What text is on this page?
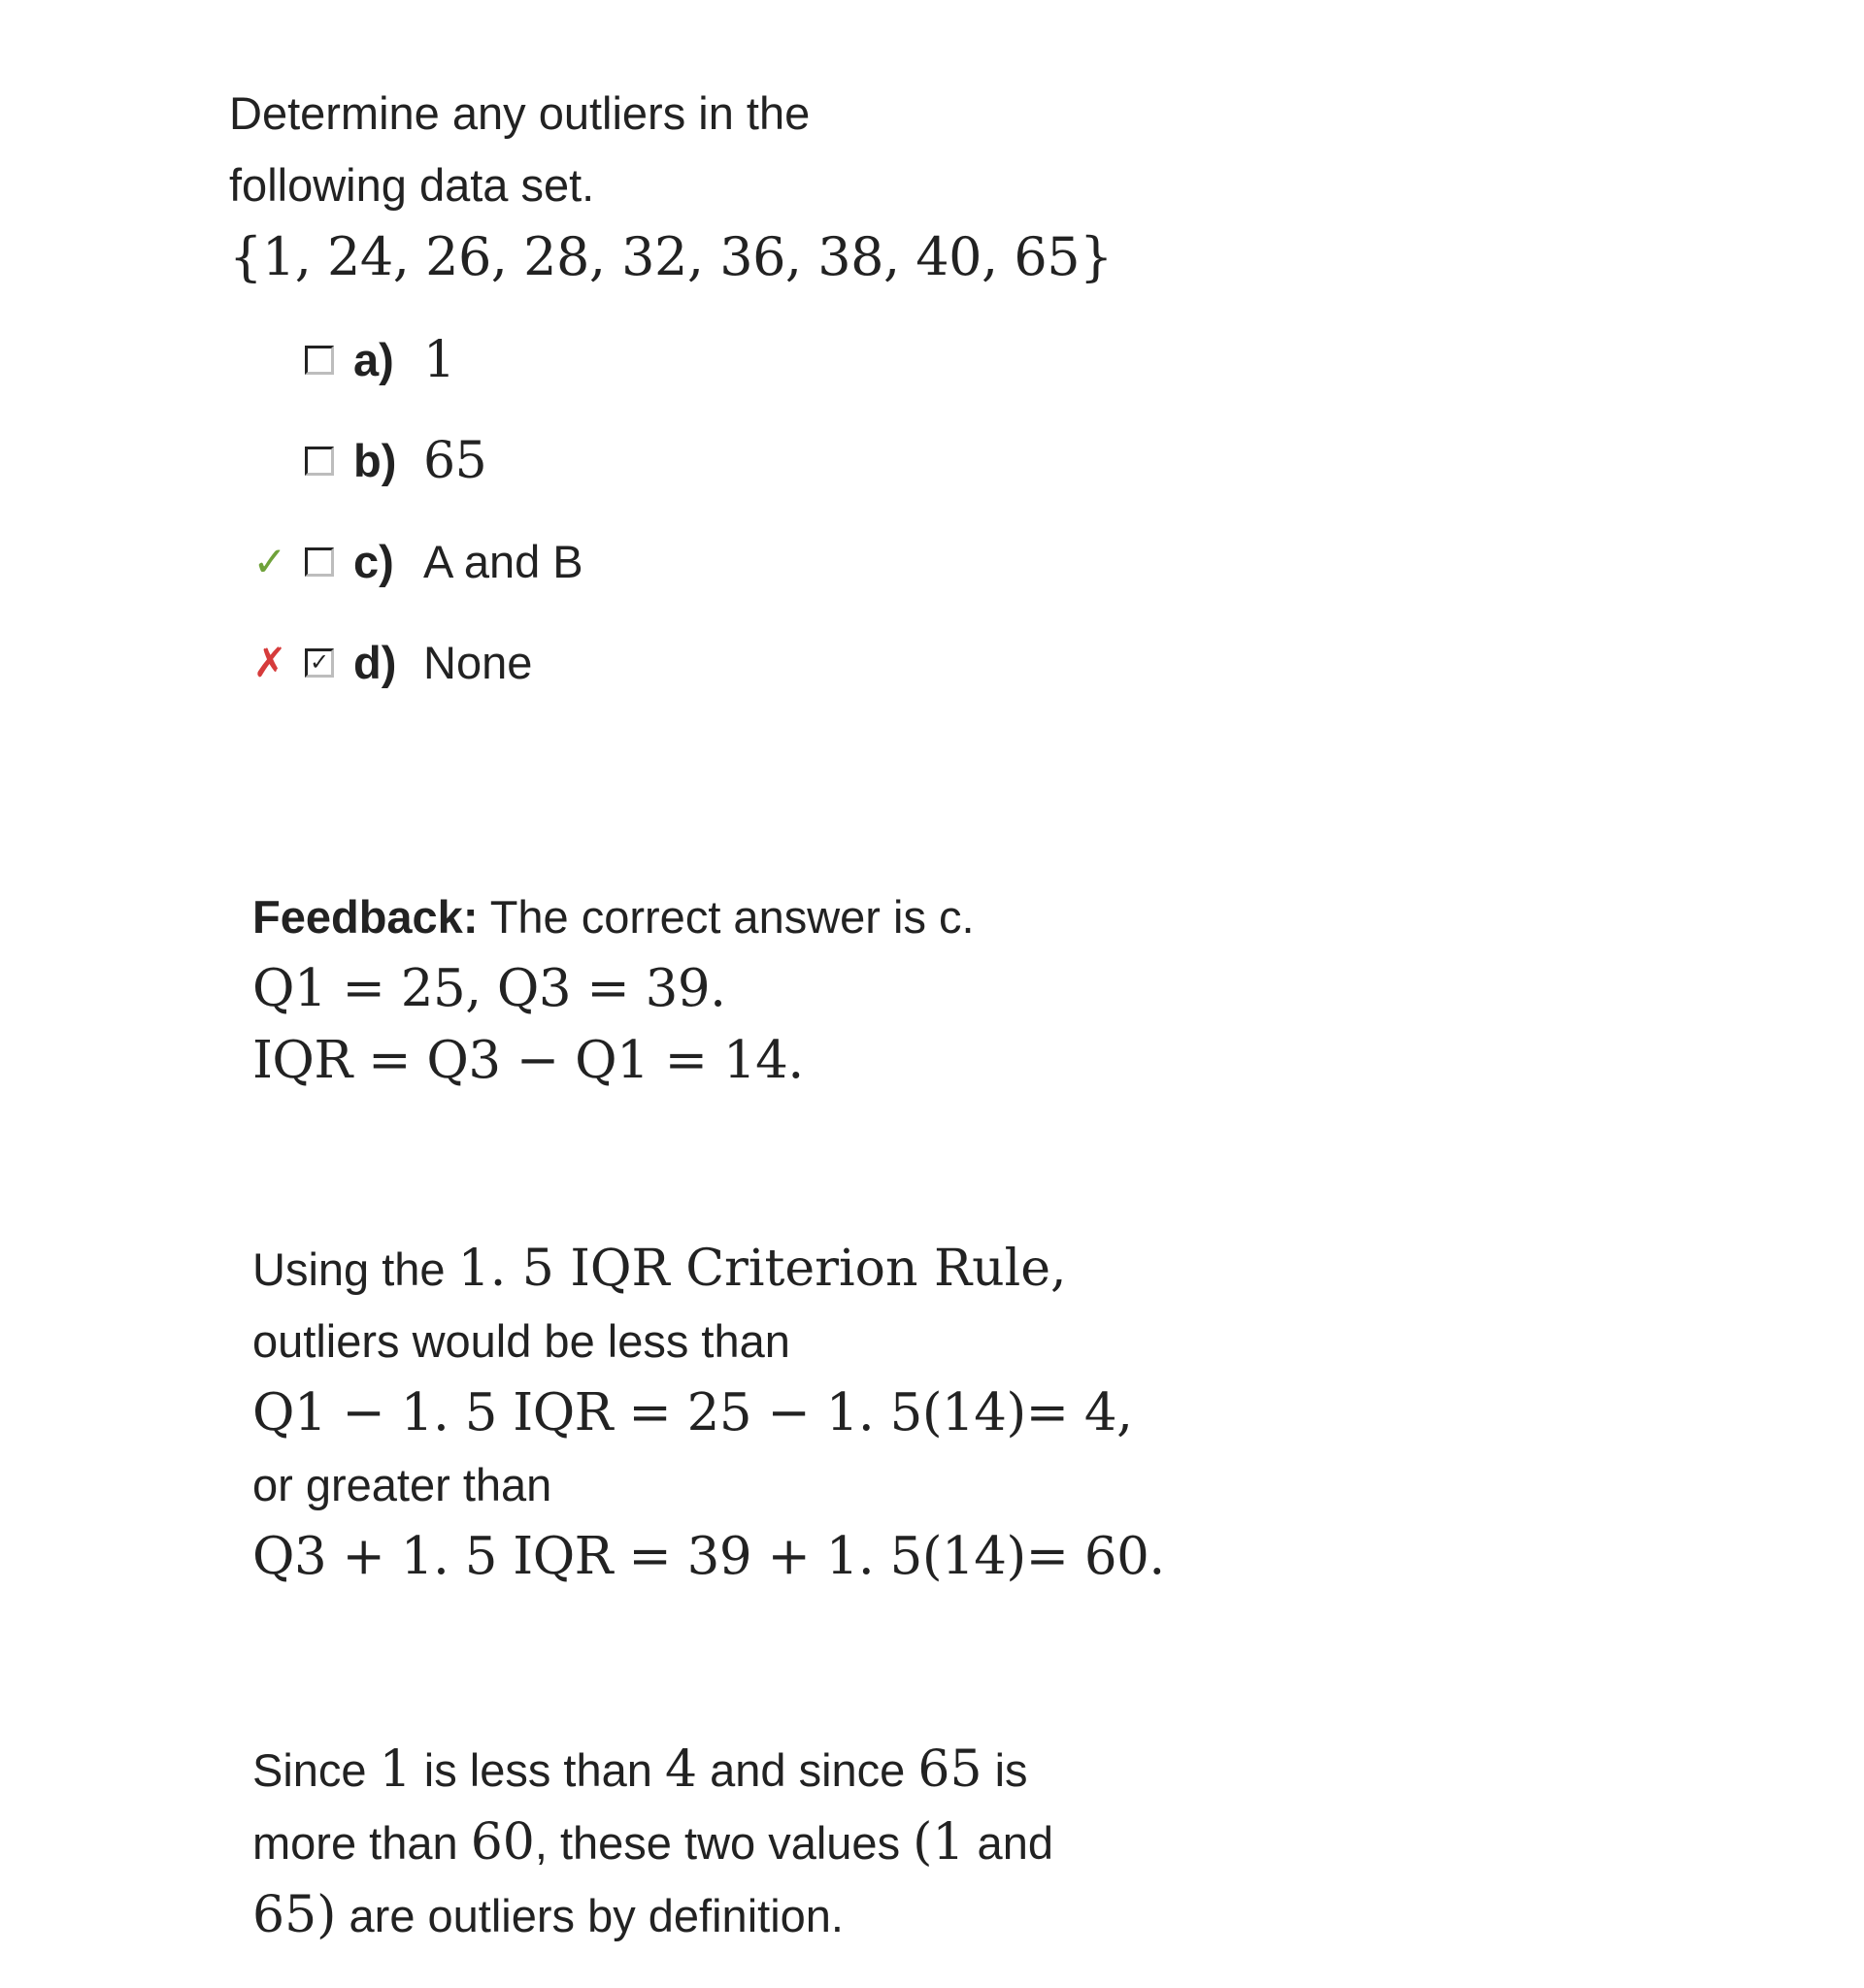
Determine any outliers in the

following data set.

{1, 24, 26, 28, 32, 36, 38, 40, 65}

a) 1
b) 65
✓ c) A and B
✗ ✓ d) None

Feedback: The correct answer is c.

Q1 = 25, Q3 = 39.

IQR = Q3 − Q1 = 14.

Using the 1. 5 IQR Criterion Rule,

outliers would be less than

Q1 − 1. 5 IQR = 25 − 1. 5(14)= 4,

or greater than

Q3 + 1. 5 IQR = 39 + 1. 5(14)= 60.

Since 1 is less than 4 and since 65 is

more than 60, these two values (1 and

65) are outliers by definition.
